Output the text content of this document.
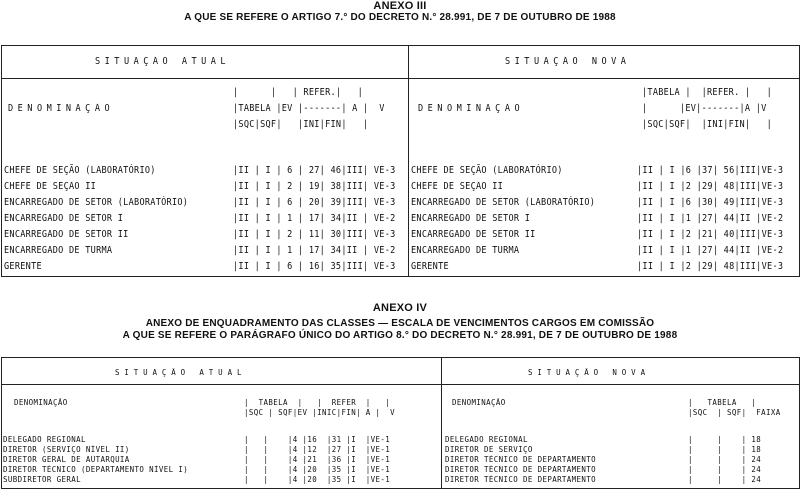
ANEXO III
A QUE SE REFERE O ARTIGO 7.° DO DECRETO N.° 28.991, DE 7 DE OUTUBRO DE 1988
SITUAÇÃO ATUAL	SITUAÇÃO NOVA
DENOMINAÇÃO
|      |   | REFER.|   |
|TABELA |EV |-------| A |  V
|SQC|SQF|   |INI|FIN|   |
DENOMINAÇÃO
|TABELA |  |REFER. |   |
|      |EV|-------|A |V
|SQC|SQF|  |INI|FIN|   |
CHEFE DE SEÇÃO (LABORATÓRIO)	|II | I | 6 | 27| 46|III| VE-3
CHEFE DE SEÇÃO II	|II | I | 2 | 19| 38|III| VE-3
ENCARREGADO DE SETOR (LABORATÓRIO)	|II | I | 6 | 20| 39|III| VE-3
ENCARREGADO DE SETOR I	|II | I | 1 | 17| 34|II | VE-2
ENCARREGADO DE SETOR II	|II | I | 2 | 11| 30|III| VE-3
ENCARREGADO DE TURMA	|II | I | 1 | 17| 34|II | VE-2
GERENTE	|II | I | 6 | 16| 35|III| VE-3
CHEFE DE SEÇÃO (LABORATÓRIO)	|II | I |6 |37| 56|III|VE-3
CHEFE DE SEÇÃO II	|II | I |2 |29| 48|III|VE-3
ENCARREGADO DE SETOR (LABORATÓRIO)	|II | I |6 |30| 49|III|VE-3
ENCARREGADO DE SETOR I	|II | I |1 |27| 44|II |VE-2
ENCARREGADO DE SETOR II	|II | I |2 |21| 40|III|VE-3
ENCARREGADO DE TURMA	|II | I |1 |27| 44|II |VE-2
GERENTE	|II | I |2 |29| 48|III|VE-3
ANEXO IV
ANEXO DE ENQUADRAMENTO DAS CLASSES — ESCALA DE VENCIMENTOS CARGOS EM COMISSÃO
A QUE SE REFERE O PARÁGRAFO ÚNICO DO ARTIGO 8.° DO DECRETO N.° 28.991, DE 7 DE OUTUBRO DE 1988
SITUAÇÃO ATUAL	SITUAÇÃO NOVA
DENOMINAÇÃO	|  TABELA  |   |  REFER  |   |
|SQC | SQF|EV |INIC|FIN| A |  V
DENOMINAÇÃO	|   TABELA   |
|SQC  | SQF|  FAIXA
DELEGADO REGIONAL	|   |    |4 |16  |31 |I  |VE-1
DIRETOR (SERVIÇO NÍVEL II)	|   |    |4 |12  |27 |I  |VE-1
DIRETOR GERAL DE AUTARQUIA	|   |    |4 |21  |36 |I  |VE-1
DIRETOR TÉCNICO (DEPARTAMENTO NÍVEL I)	|   |    |4 |20  |35 |I  |VE-1
SUBDIRETOR GERAL	|   |    |4 |20  |35 |I  |VE-1
DELEGADO REGIONAL	|     |    | 18
DIRETOR DE SERVIÇO	|     |    | 18
DIRETOR TÉCNICO DE DEPARTAMENTO	|     |    | 24
DIRETOR TÉCNICO DE DEPARTAMENTO	|     |    | 24
DIRETOR TÉCNICO DE DEPARTAMENTO	|     |    | 24
